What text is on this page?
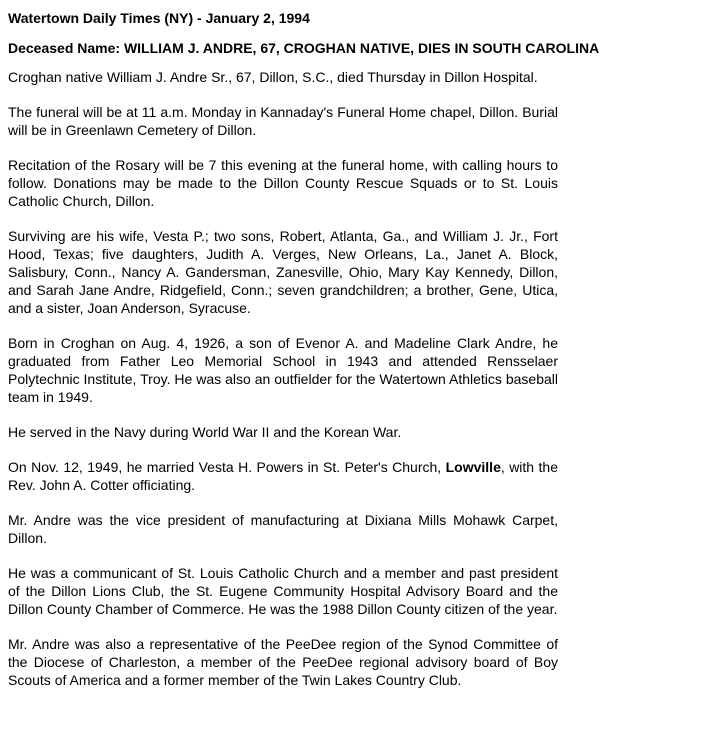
Watertown Daily Times (NY) - January 2, 1994
Deceased Name: WILLIAM J. ANDRE, 67, CROGHAN NATIVE, DIES IN SOUTH CAROLINA

Croghan native William J. Andre Sr., 67, Dillon, S.C., died Thursday in Dillon Hospital.

The funeral will be at 11 a.m. Monday in Kannaday's Funeral Home chapel, Dillon. Burial will be in Greenlawn Cemetery of Dillon.

Recitation of the Rosary will be 7 this evening at the funeral home, with calling hours to follow. Donations may be made to the Dillon County Rescue Squads or to St. Louis Catholic Church, Dillon.

Surviving are his wife, Vesta P.; two sons, Robert, Atlanta, Ga., and William J. Jr., Fort Hood, Texas; five daughters, Judith A. Verges, New Orleans, La., Janet A. Block, Salisbury, Conn., Nancy A. Gandersman, Zanesville, Ohio, Mary Kay Kennedy, Dillon, and Sarah Jane Andre, Ridgefield, Conn.; seven grandchildren; a brother, Gene, Utica, and a sister, Joan Anderson, Syracuse.

Born in Croghan on Aug. 4, 1926, a son of Evenor A. and Madeline Clark Andre, he graduated from Father Leo Memorial School in 1943 and attended Rensselaer Polytechnic Institute, Troy. He was also an outfielder for the Watertown Athletics baseball team in 1949.

He served in the Navy during World War II and the Korean War.

On Nov. 12, 1949, he married Vesta H. Powers in St. Peter's Church, Lowville, with the Rev. John A. Cotter officiating.

Mr. Andre was the vice president of manufacturing at Dixiana Mills Mohawk Carpet, Dillon.

He was a communicant of St. Louis Catholic Church and a member and past president of the Dillon Lions Club, the St. Eugene Community Hospital Advisory Board and the Dillon County Chamber of Commerce. He was the 1988 Dillon County citizen of the year.

Mr. Andre was also a representative of the PeeDee region of the Synod Committee of the Diocese of Charleston, a member of the PeeDee regional advisory board of Boy Scouts of America and a former member of the Twin Lakes Country Club.
